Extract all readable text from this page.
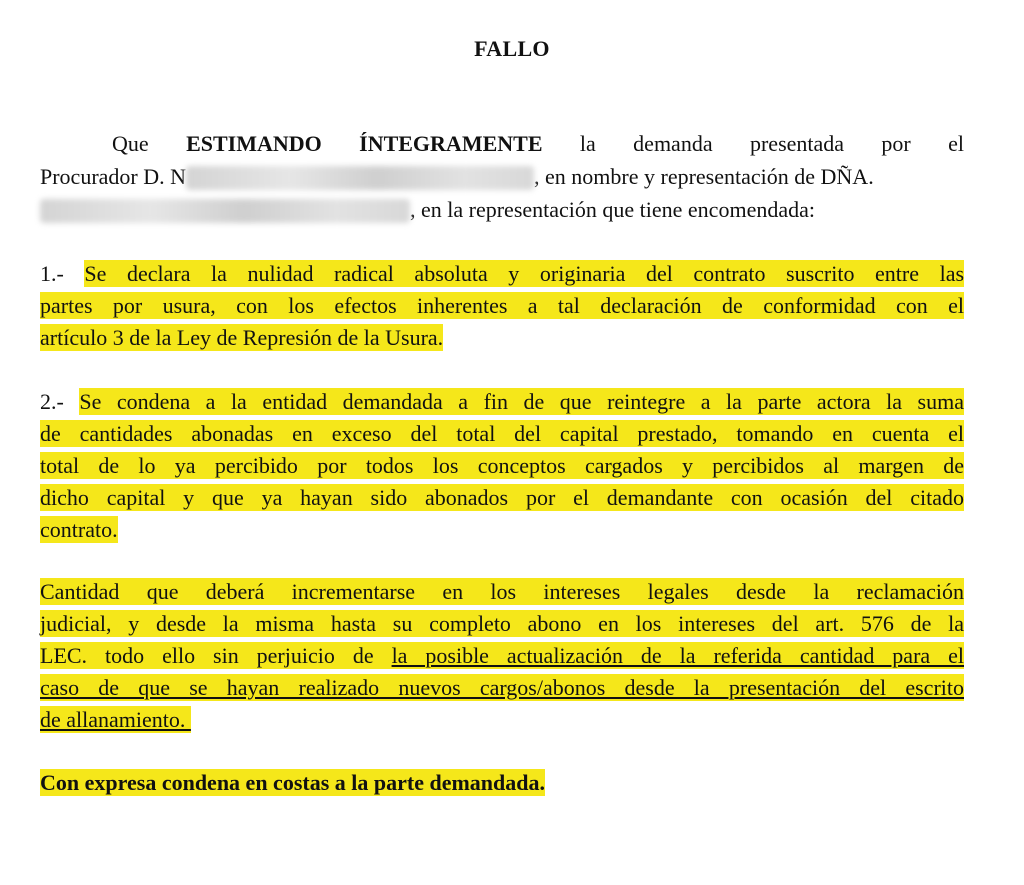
FALLO
Que ESTIMANDO ÍNTEGRAMENTE la demanda presentada por el
Procurador D. N	, en nombre y representación de DÑA.
, en la representación que tiene encomendada:
1.- Se declara la nulidad radical absoluta y originaria del contrato suscrito entre las
partes por usura, con los efectos inherentes a tal declaración de conformidad con el
artículo 3 de la Ley de Represión de la Usura.
2.- Se condena a la entidad demandada a fin de que reintegre a la parte actora la suma
de cantidades abonadas en exceso del total del capital prestado, tomando en cuenta el
total de lo ya percibido por todos los conceptos cargados y percibidos al margen de
dicho capital y que ya hayan sido abonados por el demandante con ocasión del citado
contrato.
Cantidad que deberá incrementarse en los intereses legales desde la reclamación
judicial, y desde la misma hasta su completo abono en los intereses del art. 576 de la
LEC. todo ello sin perjuicio de la posible actualización de la referida cantidad para el
caso de que se hayan realizado nuevos cargos/abonos desde la presentación del escrito
de allanamiento.
Con expresa condena en costas a la parte demandada.
